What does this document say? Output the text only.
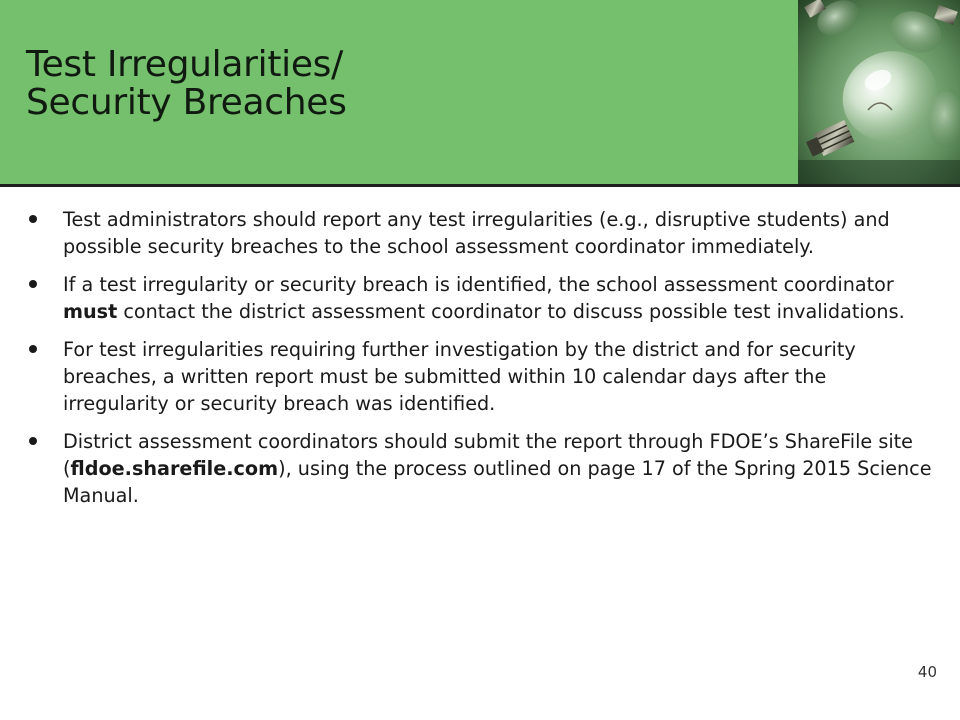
Test Irregularities/
Security Breaches
Test administrators should report any test irregularities (e.g., disruptive students) and possible security breaches to the school assessment coordinator immediately.
If a test irregularity or security breach is identified, the school assessment coordinator must contact the district assessment coordinator to discuss possible test invalidations.
For test irregularities requiring further investigation by the district and for security breaches, a written report must be submitted within 10 calendar days after the irregularity or security breach was identified.
District assessment coordinators should submit the report through FDOE’s ShareFile site (fldoe.sharefile.com), using the process outlined on page 17 of the Spring 2015 Science Manual.
40
